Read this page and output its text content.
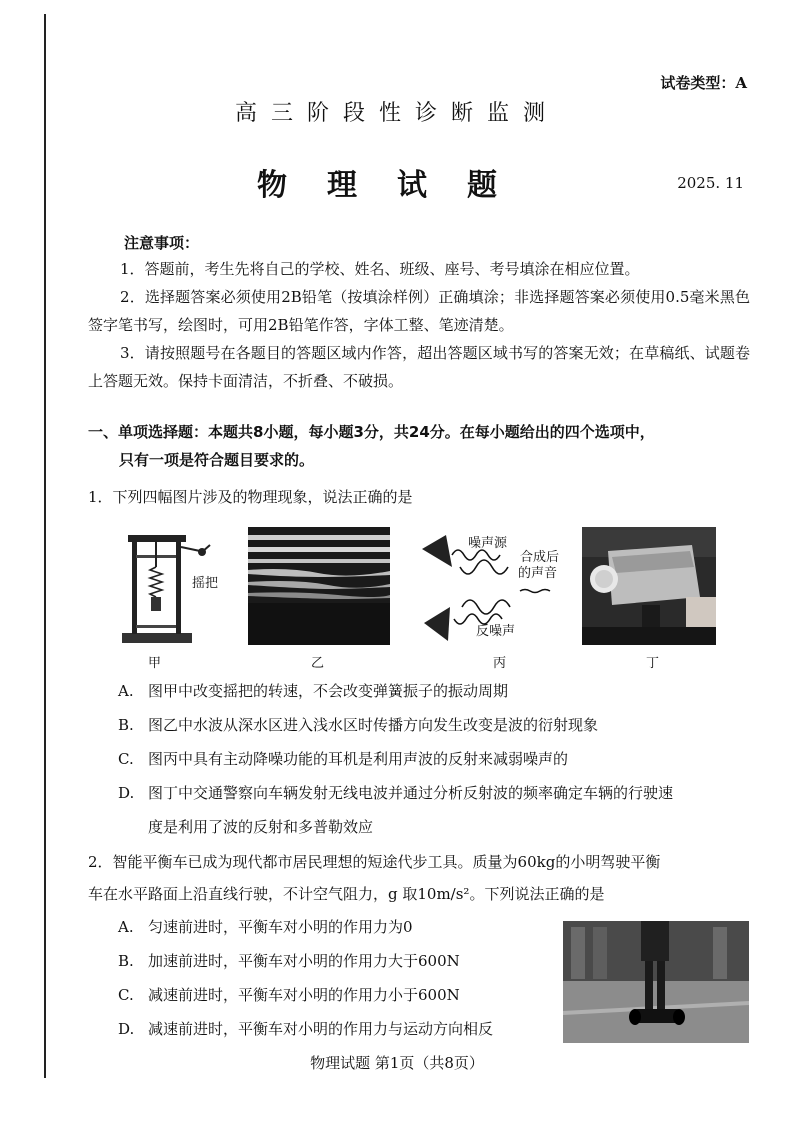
试卷类型：A
高三阶段性诊断监测
物理试题	2025. 11
注意事项：
1．答题前，考生先将自己的学校、姓名、班级、座号、考号填涂在相应位置。
2．选择题答案必须使用2B铅笔（按填涂样例）正确填涂；非选择题答案必须使用0.5毫米黑色签字笔书写，绘图时，可用2B铅笔作答，字体工整、笔迹清楚。
3．请按照题号在各题目的答题区域内作答，超出答题区域书写的答案无效；在草稿纸、试题卷上答题无效。保持卡面清洁，不折叠、不破损。
一、单项选择题：本题共8小题，每小题3分，共24分。在每小题给出的四个选项中，
只有一项是符合题目要求的。
1．下列四幅图片涉及的物理现象，说法正确的是
摇把
甲	乙
噪声源
反噪声
合成后
的声音
丙	丁
A. 图甲中改变摇把的转速，不会改变弹簧振子的振动周期
B. 图乙中水波从深水区进入浅水区时传播方向发生改变是波的衍射现象
C. 图丙中具有主动降噪功能的耳机是利用声波的反射来减弱噪声的
D. 图丁中交通警察向车辆发射无线电波并通过分析反射波的频率确定车辆的行驶速
度是利用了波的反射和多普勒效应
2．智能平衡车已成为现代都市居民理想的短途代步工具。质量为60kg的小明驾驶平衡
车在水平路面上沿直线行驶，不计空气阻力，g 取10m/s²。下列说法正确的是
A. 匀速前进时，平衡车对小明的作用力为0
B. 加速前进时，平衡车对小明的作用力大于600N
C. 减速前进时，平衡车对小明的作用力小于600N
D. 减速前进时，平衡车对小明的作用力与运动方向相反
物理试题 第1页（共8页）
